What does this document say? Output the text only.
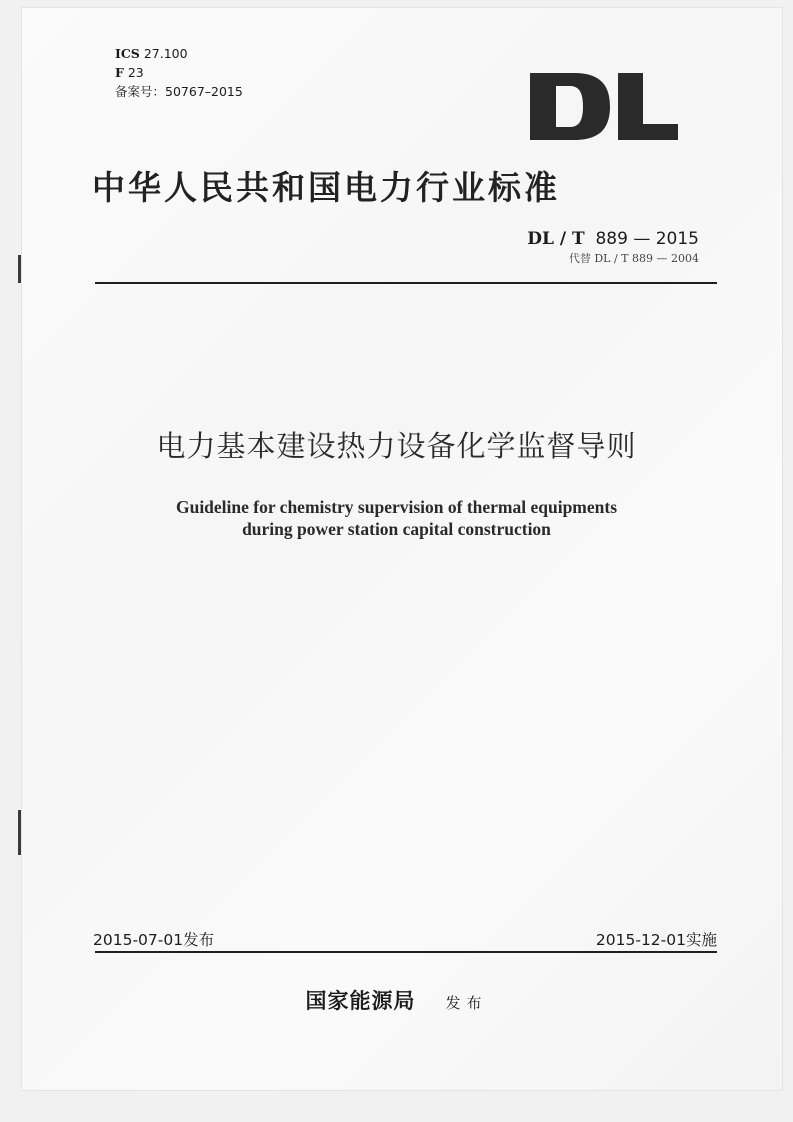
ICS 27.100
F 23
备案号：50767–2015
中华人民共和国电力行业标准
DL / T 889 — 2015
代替 DL / T 889 — 2004
电力基本建设热力设备化学监督导则
Guideline for chemistry supervision of thermal equipments
during power station capital construction
2015-07-01发布	2015-12-01实施
国家能源局 发布
